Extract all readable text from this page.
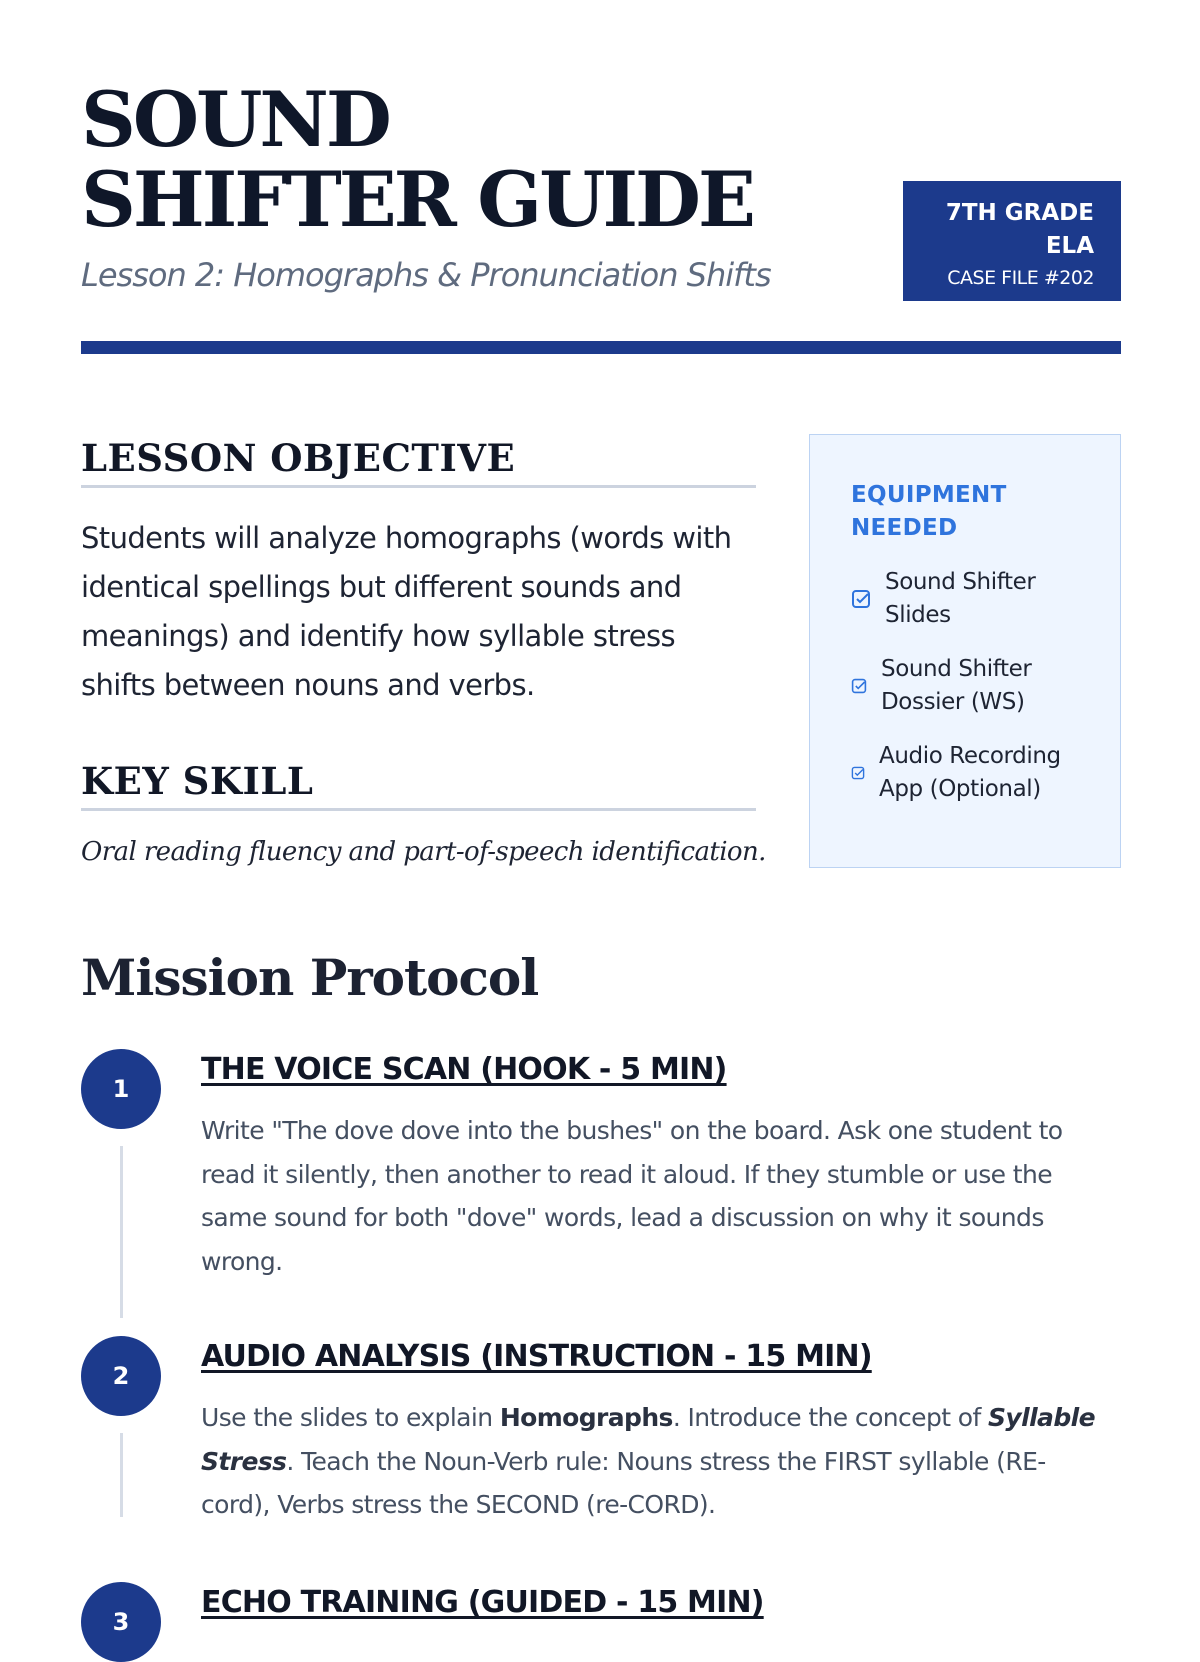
SOUND SHIFTER GUIDE
Lesson 2: Homographs & Pronunciation Shifts
7TH GRADE ELA
CASE FILE #202
LESSON OBJECTIVE

Students will analyze homographs (words with identical spellings but different sounds and meanings) and identify how syllable stress shifts between nouns and verbs.

KEY SKILL
Oral reading fluency and part-of-speech identification.
EQUIPMENT NEEDED
Sound Shifter Slides
Sound Shifter Dossier (WS)
Audio Recording App (Optional)
Mission Protocol
1
THE VOICE SCAN (HOOK - 5 MIN)
Write "The dove dove into the bushes" on the board. Ask one student to read it silently, then another to read it aloud. If they stumble or use the same sound for both "dove" words, lead a discussion on why it sounds wrong.
2
AUDIO ANALYSIS (INSTRUCTION - 15 MIN)
Use the slides to explain Homographs. Introduce the concept of Syllable Stress. Teach the Noun-Verb rule: Nouns stress the FIRST syllable (RE-cord), Verbs stress the SECOND (re-CORD).
3
ECHO TRAINING (GUIDED - 15 MIN)
